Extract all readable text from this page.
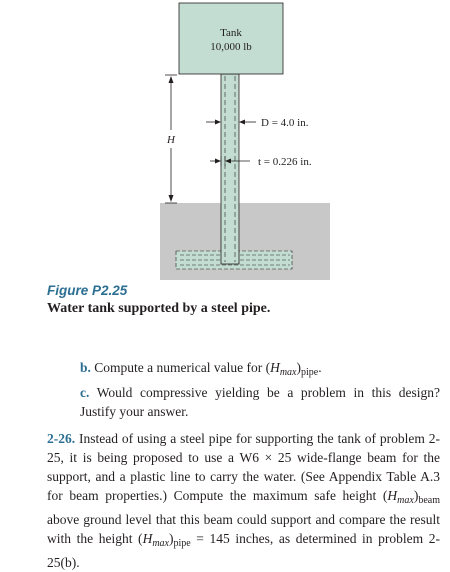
Tank
10,000 lb
D = 4.0 in.
t = 0.226 in.
H
Figure P2.25
Water tank supported by a steel pipe.
b. Compute a numerical value for $(H_{max})_{pipe}$.
c. Would compressive yielding be a problem in this design? Justify your answer.
2-26. Instead of using a steel pipe for supporting the tank of problem 2-25, it is being proposed to use a W6 × 25 wide-flange beam for the support, and a plastic line to carry the water. (See Appendix Table A.3 for beam properties.) Compute the maximum safe height $(H_{max})_{beam}$ above ground level that this beam could support and compare the result with the height $(H_{max})_{pipe} = 145$ inches, as determined in problem 2-25(b).
